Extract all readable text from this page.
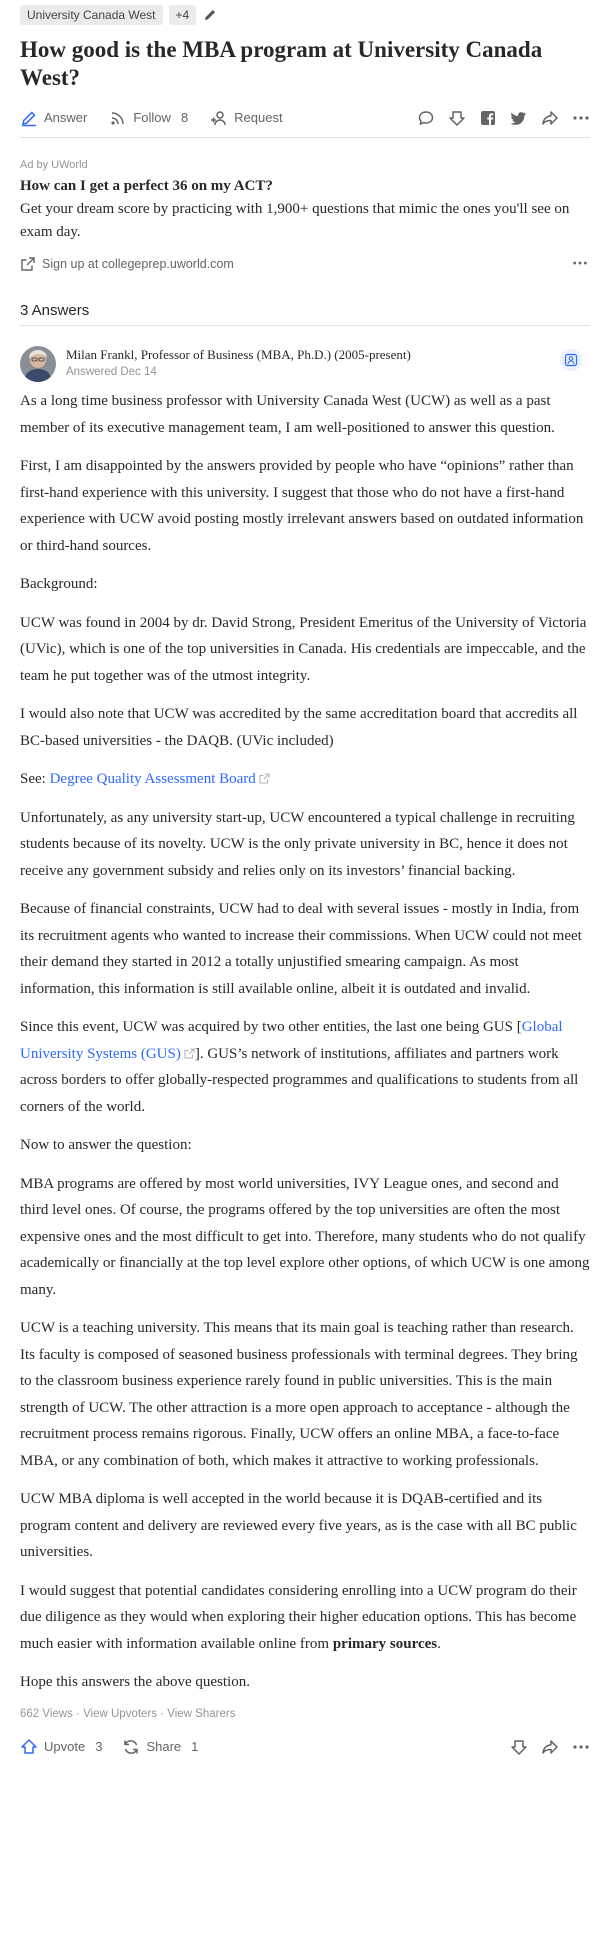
University Canada West	+4
How good is the MBA program at University Canada West?
Answer	Follow 8	Request
Ad by UWorld
How can I get a perfect 36 on my ACT?
Get your dream score by practicing with 1,900+ questions that mimic the ones you'll see on exam day.
Sign up at collegeprep.uworld.com
3 Answers
Milan Frankl, Professor of Business (MBA, Ph.D.) (2005-present)
Answered Dec 14

As a long time business professor with University Canada West (UCW) as well as a past member of its executive management team, I am well-positioned to answer this question.

First, I am disappointed by the answers provided by people who have “opinions” rather than first-hand experience with this university. I suggest that those who do not have a first-hand experience with UCW avoid posting mostly irrelevant answers based on outdated information or third-hand sources.

Background:

UCW was found in 2004 by dr. David Strong, President Emeritus of the University of Victoria (UVic), which is one of the top universities in Canada. His credentials are impeccable, and the team he put together was of the utmost integrity.

I would also note that UCW was accredited by the same accreditation board that accredits all BC-based universities - the DAQB. (UVic included)

See: Degree Quality Assessment Board

Unfortunately, as any university start-up, UCW encountered a typical challenge in recruiting students because of its novelty. UCW is the only private university in BC, hence it does not receive any government subsidy and relies only on its investors’ financial backing.

Because of financial constraints, UCW had to deal with several issues - mostly in India, from its recruitment agents who wanted to increase their commissions. When UCW could not meet their demand they started in 2012 a totally unjustified smearing campaign. As most information, this information is still available online, albeit it is outdated and invalid.

Since this event, UCW was acquired by two other entities, the last one being GUS [Global University Systems (GUS) ]. GUS’s network of institutions, affiliates and partners work across borders to offer globally-respected programmes and qualifications to students from all corners of the world.

Now to answer the question:

MBA programs are offered by most world universities, IVY League ones, and second and third level ones. Of course, the programs offered by the top universities are often the most expensive ones and the most difficult to get into. Therefore, many students who do not qualify academically or financially at the top level explore other options, of which UCW is one among many.

UCW is a teaching university. This means that its main goal is teaching rather than research. Its faculty is composed of seasoned business professionals with terminal degrees. They bring to the classroom business experience rarely found in public universities. This is the main strength of UCW. The other attraction is a more open approach to acceptance - although the recruitment process remains rigorous. Finally, UCW offers an online MBA, a face-to-face MBA, or any combination of both, which makes it attractive to working professionals.

UCW MBA diploma is well accepted in the world because it is DQAB-certified and its program content and delivery are reviewed every five years, as is the case with all BC public universities.

I would suggest that potential candidates considering enrolling into a UCW program do their due diligence as they would when exploring their higher education options. This has become much easier with information available online from primary sources.

Hope this answers the above question.

662 Views · View Upvoters · View Sharers
Upvote 3	Share 1
